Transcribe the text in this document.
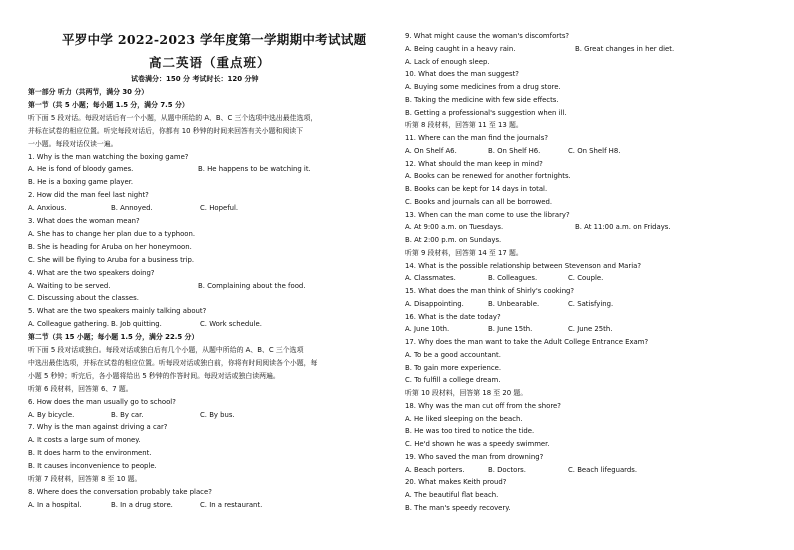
平罗中学 2022-2023 学年度第一学期期中考试试题
高二英语（重点班）
试卷满分：150 分 考试时长：120 分钟
第一部分 听力（共两节，满分 30 分）
第一节（共 5 小题；每小题 1.5 分，满分 7.5 分）
听下面 5 段对话。每段对话后有一个小题，从题中所给的 A、B、C 三个选项中选出最佳选项，
并标在试卷的相应位置。听完每段对话后，你都有 10 秒钟的时间来回答有关小题和阅读下
一小题。每段对话仅读一遍。
1. Why is the man watching the boxing game?
B. He is a boxing game player.
2. How did the man feel last night?
3. What does the woman mean?
A. She has to change her plan due to a typhoon.
B. She is heading for Aruba on her honeymoon.
C. She will be flying to Aruba for a business trip.
4. What are the two speakers doing?
C. Discussing about the classes.
5. What are the two speakers mainly talking about?
第二节（共 15 小题；每小题 1.5 分，满分 22.5 分）
听下面 5 段对话或独白。每段对话或独白后有几个小题，从题中所给的 A、B、C 三个选项
中选出最佳选项，并标在试卷的相应位置。听每段对话或独白前，你将有时间阅读各个小题，每
小题 5 秒钟；听完后，各小题将给出 5 秒钟的作答时间。每段对话或独白读两遍。
听第 6 段材料，回答第 6、7 题。
6. How does the man usually go to school?
7. Why is the man against driving a car?
A. It costs a large sum of money.
B. It does harm to the environment.
B. It causes inconvenience to people.
听第 7 段材料，回答第 8 至 10 题。
8. Where does the conversation probably take place?
A. He is fond of bloody games.	B. He happens to be watching it.
A. Anxious.	B. Annoyed.	C. Hopeful.
A. Waiting to be served.	B. Complaining about the food.
A. Colleague gathering. B. Job quitting.	C. Work schedule.
A. By bicycle.	B. By car.	C. By bus.
A. In a hospital.	B. In a drug store.	C. In a restaurant.
9. What might cause the woman's discomforts?
A. Lack of enough sleep.
10. What does the man suggest?
A. Buying some medicines from a drug store.
B. Taking the medicine with few side effects.
B. Getting a professional's suggestion when ill.
听第 8 段材料，回答第 11 至 13 题。
11. Where can the man find the journals?
12. What should the man keep in mind?
A. Books can be renewed for another fortnights.
B. Books can be kept for 14 days in total.
C. Books and journals can all be borrowed.
13. When can the man come to use the library?
B. At 2:00 p.m. on Sundays.
听第 9 段材料，回答第 14 至 17 题。
14. What is the possible relationship between Stevenson and Maria?
15. What does the man think of Shirly's cooking?
16. What is the date today?
17. Why does the man want to take the Adult College Entrance Exam?
A. To be a good accountant.
B. To gain more experience.
C. To fulfill a college dream.
听第 10 段材料，回答第 18 至 20 题。
18. Why was the man cut off from the shore?
A. He liked sleeping on the beach.
B. He was too tired to notice the tide.
C. He'd shown he was a speedy swimmer.
19. Who saved the man from drowning?
20. What makes Keith proud?
A. The beautiful flat beach.
B. The man's speedy recovery.
A. Being caught in a heavy rain.	B. Great changes in her diet.
A. On Shelf A6.	B. On Shelf H6.	C. On Shelf H8.
A. At 9:00 a.m. on Tuesdays.	B. At 11:00 a.m. on Fridays.
A. Classmates.	B. Colleagues.	C. Couple.
A. Disappointing.	B. Unbearable.	C. Satisfying.
A. June 10th.	B. June 15th.	C. June 25th.
A. Beach porters.	B. Doctors.	C. Beach lifeguards.
